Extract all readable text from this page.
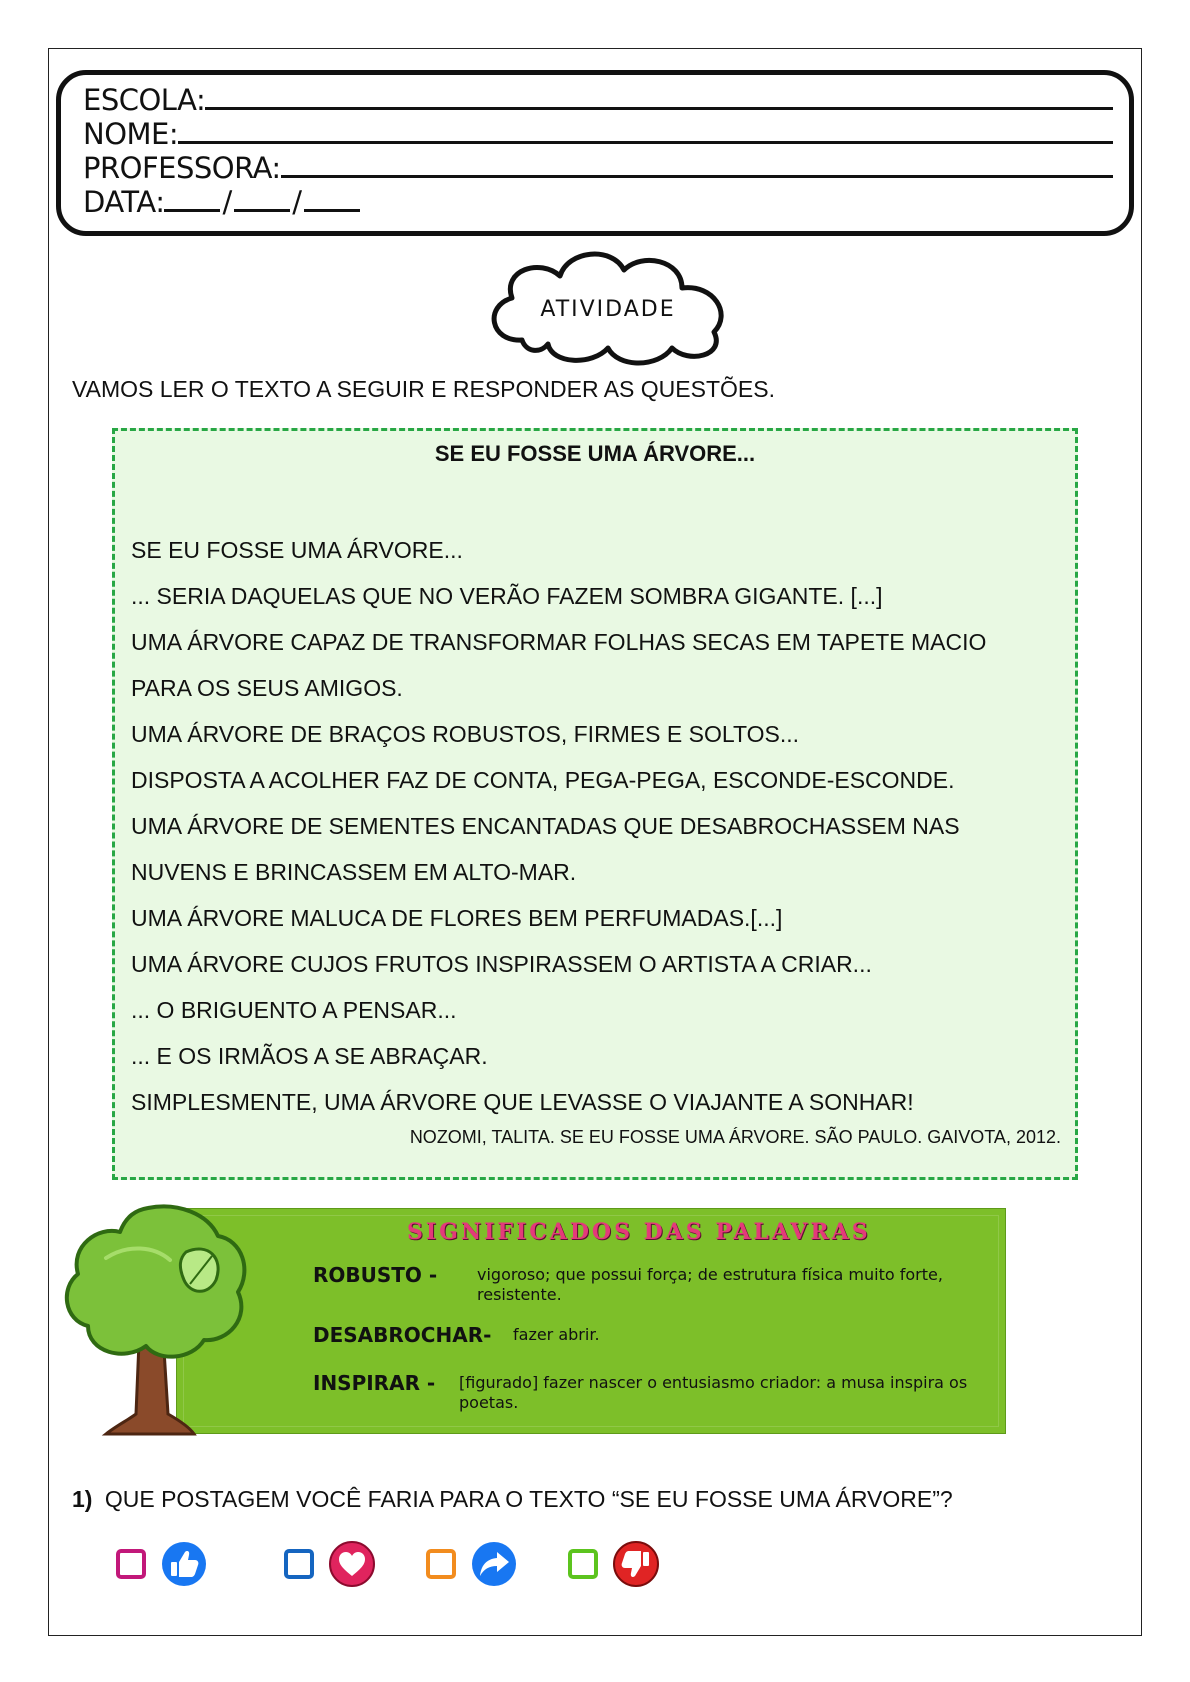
ESCOLA:
NOME:
PROFESSORA:
DATA: / /
ATIVIDADE
VAMOS LER O TEXTO A SEGUIR E RESPONDER AS QUESTÕES.
SE EU FOSSE UMA ÁRVORE...
SE EU FOSSE UMA ÁRVORE...
... SERIA DAQUELAS QUE NO VERÃO FAZEM SOMBRA GIGANTE. [...]
UMA ÁRVORE CAPAZ DE TRANSFORMAR FOLHAS SECAS EM TAPETE MACIO
PARA OS SEUS AMIGOS.
UMA ÁRVORE DE BRAÇOS ROBUSTOS, FIRMES E SOLTOS...
DISPOSTA A ACOLHER FAZ DE CONTA, PEGA-PEGA, ESCONDE-ESCONDE.
UMA ÁRVORE DE SEMENTES ENCANTADAS QUE DESABROCHASSEM NAS
NUVENS E BRINCASSEM EM ALTO-MAR.
UMA ÁRVORE MALUCA DE FLORES BEM PERFUMADAS.[...]
UMA ÁRVORE CUJOS FRUTOS INSPIRASSEM O ARTISTA A CRIAR...
... O BRIGUENTO A PENSAR...
... E OS IRMÃOS A SE ABRAÇAR.
SIMPLESMENTE, UMA ÁRVORE QUE LEVASSE O VIAJANTE A SONHAR!
NOZOMI, TALITA. SE EU FOSSE UMA ÁRVORE. SÃO PAULO. GAIVOTA, 2012.
SIGNIFICADOS DAS PALAVRAS
ROBUSTO - vigoroso; que possui força; de estrutura física muito forte, resistente.
DESABROCHAR- fazer abrir.
INSPIRAR - [figurado] fazer nascer o entusiasmo criador: a musa inspira os poetas.
1) QUE POSTAGEM VOCÊ FARIA PARA O TEXTO “SE EU FOSSE UMA ÁRVORE”?
